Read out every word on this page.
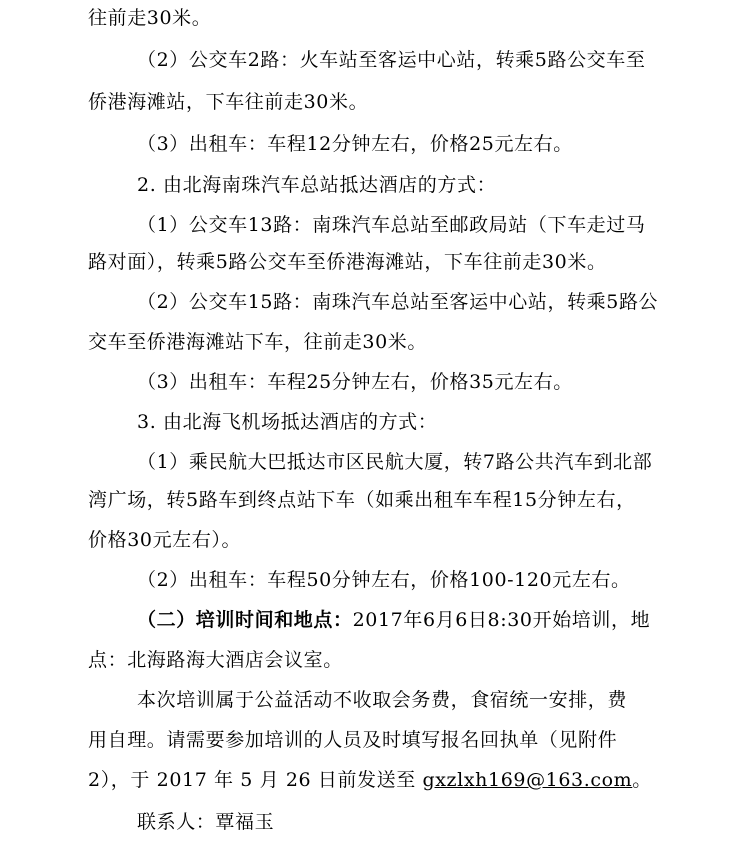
往前走30米。
（2）公交车2路：火车站至客运中心站，转乘5路公交车至
侨港海滩站，下车往前走30米。
（3）出租车：车程12分钟左右，价格25元左右。
2. 由北海南珠汽车总站抵达酒店的方式：
（1）公交车13路：南珠汽车总站至邮政局站（下车走过马
路对面），转乘5路公交车至侨港海滩站，下车往前走30米。
（2）公交车15路：南珠汽车总站至客运中心站，转乘5路公
交车至侨港海滩站下车，往前走30米。
（3）出租车：车程25分钟左右，价格35元左右。
3. 由北海飞机场抵达酒店的方式：
（1）乘民航大巴抵达市区民航大厦，转7路公共汽车到北部
湾广场，转5路车到终点站下车（如乘出租车车程15分钟左右，
价格30元左右）。
（2）出租车：车程50分钟左右，价格100-120元左右。
（二）培训时间和地点：2017年6月6日8:30开始培训，地
点：北海路海大酒店会议室。
本次培训属于公益活动不收取会务费，食宿统一安排，费
用自理。请需要参加培训的人员及时填写报名回执单（见附件
2），于 2017 年 5 月 26 日前发送至 gxzlxh169@163.com。
联系人：覃福玉
